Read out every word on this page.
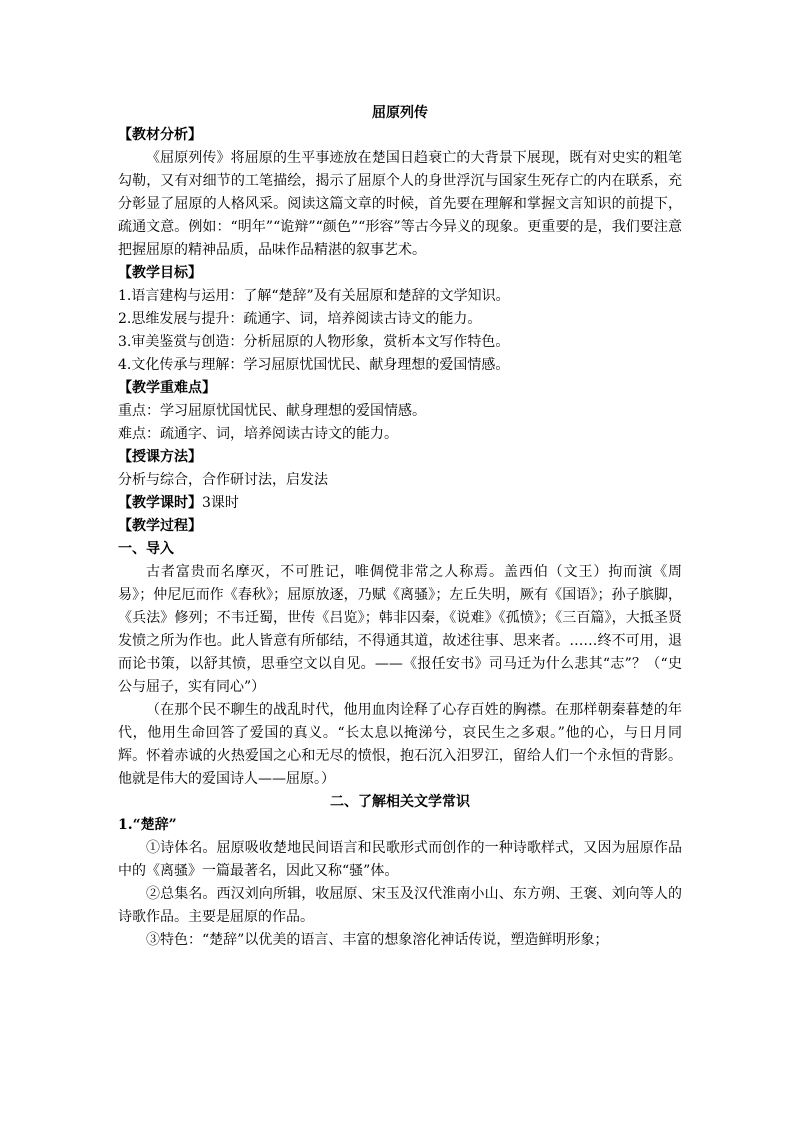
屈原列传

【教材分析】

《屈原列传》将屈原的生平事迹放在楚国日趋衰亡的大背景下展现，既有对史实的粗笔勾勒，又有对细节的工笔描绘，揭示了屈原个人的身世浮沉与国家生死存亡的内在联系，充分彰显了屈原的人格风采。阅读这篇文章的时候，首先要在理解和掌握文言知识的前提下，疏通文意。例如：“明年”“诡辩”“颜色”“形容”等古今异义的现象。更重要的是，我们要注意把握屈原的精神品质，品味作品精湛的叙事艺术。

【教学目标】

1.语言建构与运用：了解“楚辞”及有关屈原和楚辞的文学知识。

2.思维发展与提升：疏通字、词，培养阅读古诗文的能力。

3.审美鉴赏与创造：分析屈原的人物形象，赏析本文写作特色。

4.文化传承与理解：学习屈原忧国忧民、献身理想的爱国情感。

【教学重难点】

重点：学习屈原忧国忧民、献身理想的爱国情感。

难点：疏通字、词，培养阅读古诗文的能力。

【授课方法】

分析与综合，合作研讨法，启发法

【教学课时】3课时

【教学过程】

一、导入

古者富贵而名摩灭，不可胜记，唯倜傥非常之人称焉。盖西伯（文王）拘而演《周易》；仲尼厄而作《春秋》；屈原放逐，乃赋《离骚》；左丘失明，厥有《国语》；孙子膑脚，《兵法》修列；不韦迁蜀，世传《吕览》；韩非囚秦，《说难》《孤愤》；《三百篇》，大抵圣贤发愤之所为作也。此人皆意有所郁结，不得通其道，故述往事、思来者。……终不可用，退而论书策，以舒其愤，思垂空文以自见。——《报任安书》司马迁为什么悲其“志”？（“史公与屈子，实有同心”）

（在那个民不聊生的战乱时代，他用血肉诠释了心存百姓的胸襟。在那样朝秦暮楚的年代，他用生命回答了爱国的真义。“长太息以掩涕兮，哀民生之多艰。”他的心，与日月同辉。怀着赤诚的火热爱国之心和无尽的愤恨，抱石沉入汨罗江，留给人们一个永恒的背影。他就是伟大的爱国诗人——屈原。）

二、了解相关文学常识

1.“楚辞”

①诗体名。屈原吸收楚地民间语言和民歌形式而创作的一种诗歌样式，又因为屈原作品中的《离骚》一篇最著名，因此又称“骚”体。

②总集名。西汉刘向所辑，收屈原、宋玉及汉代淮南小山、东方朔、王褒、刘向等人的诗歌作品。主要是屈原的作品。

③特色：“楚辞”以优美的语言、丰富的想象溶化神话传说，塑造鲜明形象；
